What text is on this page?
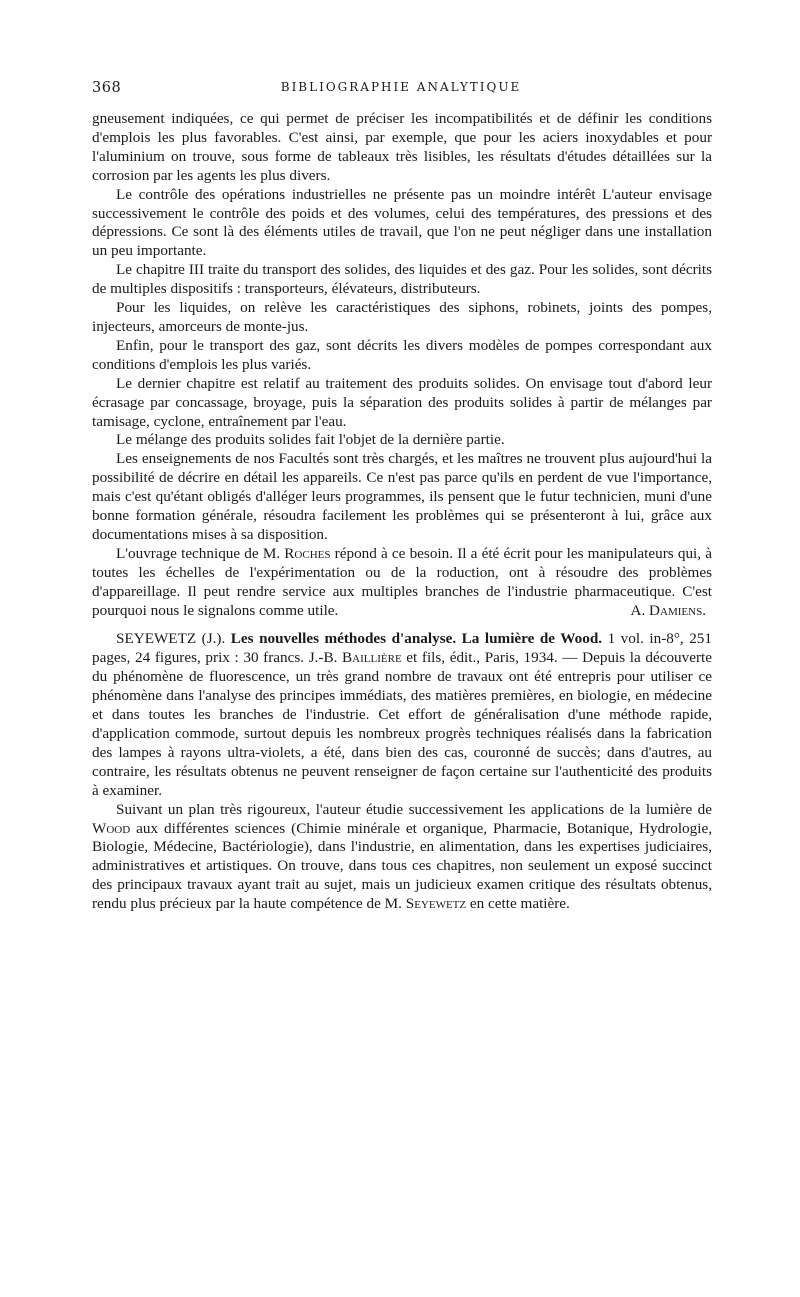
368	BIBLIOGRAPHIE ANALYTIQUE

gneusement indiquées, ce qui permet de préciser les incompatibilités et de définir les conditions d'emplois les plus favorables. C'est ainsi, par exemple, que pour les aciers inoxydables et pour l'aluminium on trouve, sous forme de tableaux très lisibles, les résultats d'études détaillées sur la corrosion par les agents les plus divers.

Le contrôle des opérations industrielles ne présente pas un moindre intérêt L'auteur envisage successivement le contrôle des poids et des volumes, celui des températures, des pressions et des dépressions. Ce sont là des éléments utiles de travail, que l'on ne peut négliger dans une installation un peu importante.

Le chapitre III traite du transport des solides, des liquides et des gaz. Pour les solides, sont décrits de multiples dispositifs : transporteurs, élévateurs, distributeurs.

Pour les liquides, on relève les caractéristiques des siphons, robinets, joints des pompes, injecteurs, amorceurs de monte-jus.

Enfin, pour le transport des gaz, sont décrits les divers modèles de pompes correspondant aux conditions d'emplois les plus variés.

Le dernier chapitre est relatif au traitement des produits solides. On envisage tout d'abord leur écrasage par concassage, broyage, puis la séparation des produits solides à partir de mélanges par tamisage, cyclone, entraînement par l'eau.

Le mélange des produits solides fait l'objet de la dernière partie.

Les enseignements de nos Facultés sont très chargés, et les maîtres ne trouvent plus aujourd'hui la possibilité de décrire en détail les appareils. Ce n'est pas parce qu'ils en perdent de vue l'importance, mais c'est qu'étant obligés d'alléger leurs programmes, ils pensent que le futur technicien, muni d'une bonne formation générale, résoudra facilement les problèmes qui se présenteront à lui, grâce aux documentations mises à sa disposition.

L'ouvrage technique de M. Roches répond à ce besoin. Il a été écrit pour les manipulateurs qui, à toutes les échelles de l'expérimentation ou de la roduction, ont à résoudre des problèmes d'appareillage. Il peut rendre service aux multiples branches de l'industrie pharmaceutique. C'est pourquoi nous le signalons comme utile.	A. Damiens.

SEYEWETZ (J.). Les nouvelles méthodes d'analyse. La lumière de Wood. 1 vol. in-8°, 251 pages, 24 figures, prix : 30 francs. J.-B. Baillière et fils, édit., Paris, 1934. — Depuis la découverte du phénomène de fluorescence, un très grand nombre de travaux ont été entrepris pour utiliser ce phénomène dans l'analyse des principes immédiats, des matières premières, en biologie, en médecine et dans toutes les branches de l'industrie. Cet effort de généralisation d'une méthode rapide, d'application commode, surtout depuis les nombreux progrès techniques réalisés dans la fabrication des lampes à rayons ultra-violets, a été, dans bien des cas, couronné de succès; dans d'autres, au contraire, les résultats obtenus ne peuvent renseigner de façon certaine sur l'authenticité des produits à examiner.

Suivant un plan très rigoureux, l'auteur étudie successivement les applications de la lumière de Wood aux différentes sciences (Chimie minérale et organique, Pharmacie, Botanique, Hydrologie, Biologie, Médecine, Bactériologie), dans l'industrie, en alimentation, dans les expertises judiciaires, administratives et artistiques. On trouve, dans tous ces chapitres, non seulement un exposé succinct des principaux travaux ayant trait au sujet, mais un judicieux examen critique des résultats obtenus, rendu plus précieux par la haute compétence de M. Seyewetz en cette matière.
